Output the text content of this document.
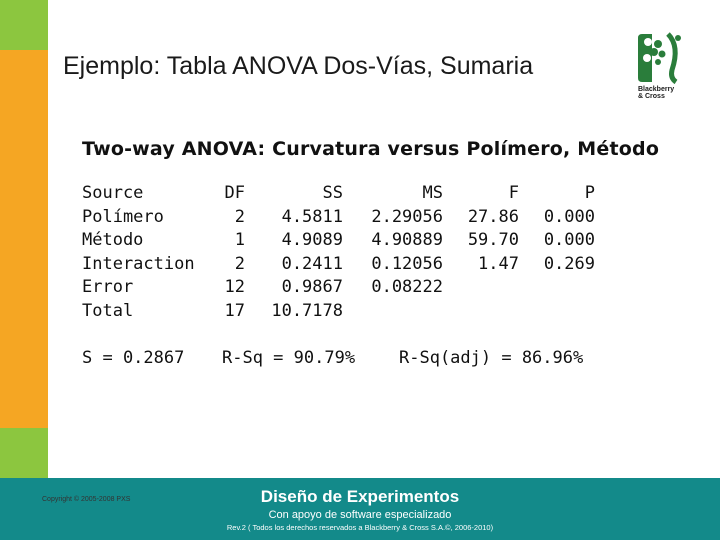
Ejemplo: Tabla ANOVA Dos-Vías, Sumaria
Blackberry
& Cross
Two-way ANOVA: Curvatura versus Polímero, Método
Source	DF	SS	MS	F	P
Polímero	2 4.5811 2.29056 27.86 0.000
Método	1 4.9089 4.90889 59.70 0.000
Interaction 2 0.2411 0.12056 1.47 0.269
Error	12 0.9867 0.08222
Total	17 10.7178
S = 0.2867 R-Sq = 90.79%	R-Sq(adj) = 86.96%
Copyright © 2005-2008 PXS	Diseño de Experimentos
Con apoyo de software especializado
Rev.2 ( Todos los derechos reservados a Blackberry & Cross S.A.©, 2006-2010)
